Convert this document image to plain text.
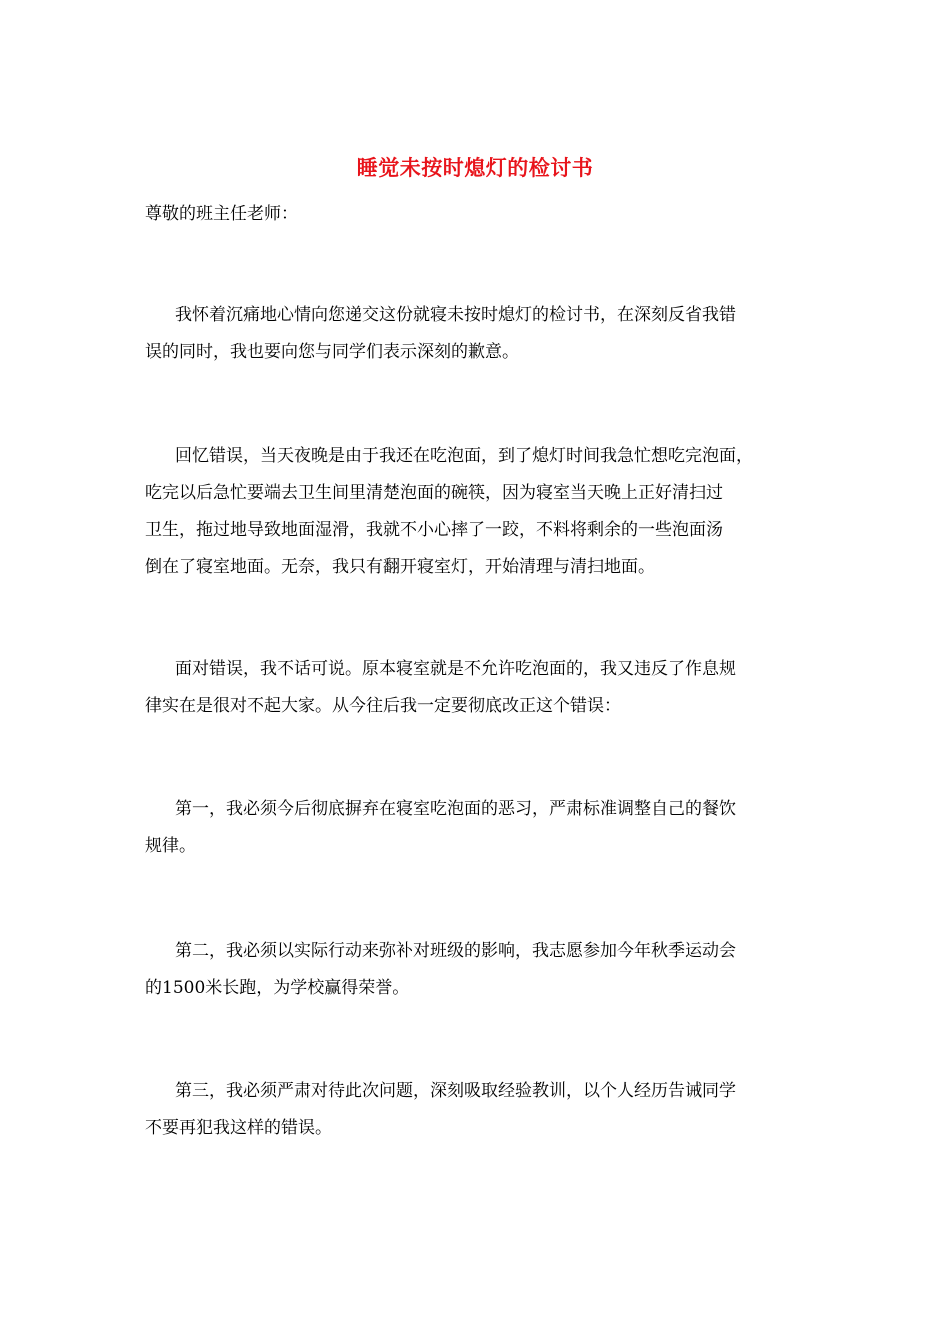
睡觉未按时熄灯的检讨书
尊敬的班主任老师：
我怀着沉痛地心情向您递交这份就寝未按时熄灯的检讨书，在深刻反省我错
误的同时，我也要向您与同学们表示深刻的歉意。
回忆错误，当天夜晚是由于我还在吃泡面，到了熄灯时间我急忙想吃完泡面，
吃完以后急忙要端去卫生间里清楚泡面的碗筷，因为寝室当天晚上正好清扫过
卫生，拖过地导致地面湿滑，我就不小心摔了一跤，不料将剩余的一些泡面汤
倒在了寝室地面。无奈，我只有翻开寝室灯，开始清理与清扫地面。
面对错误，我不话可说。原本寝室就是不允许吃泡面的，我又违反了作息规
律实在是很对不起大家。从今往后我一定要彻底改正这个错误：
第一，我必须今后彻底摒弃在寝室吃泡面的恶习，严肃标准调整自己的餐饮
规律。
第二，我必须以实际行动来弥补对班级的影响，我志愿参加今年秋季运动会
的1500米长跑，为学校赢得荣誉。
第三，我必须严肃对待此次问题，深刻吸取经验教训，以个人经历告诫同学
不要再犯我这样的错误。
